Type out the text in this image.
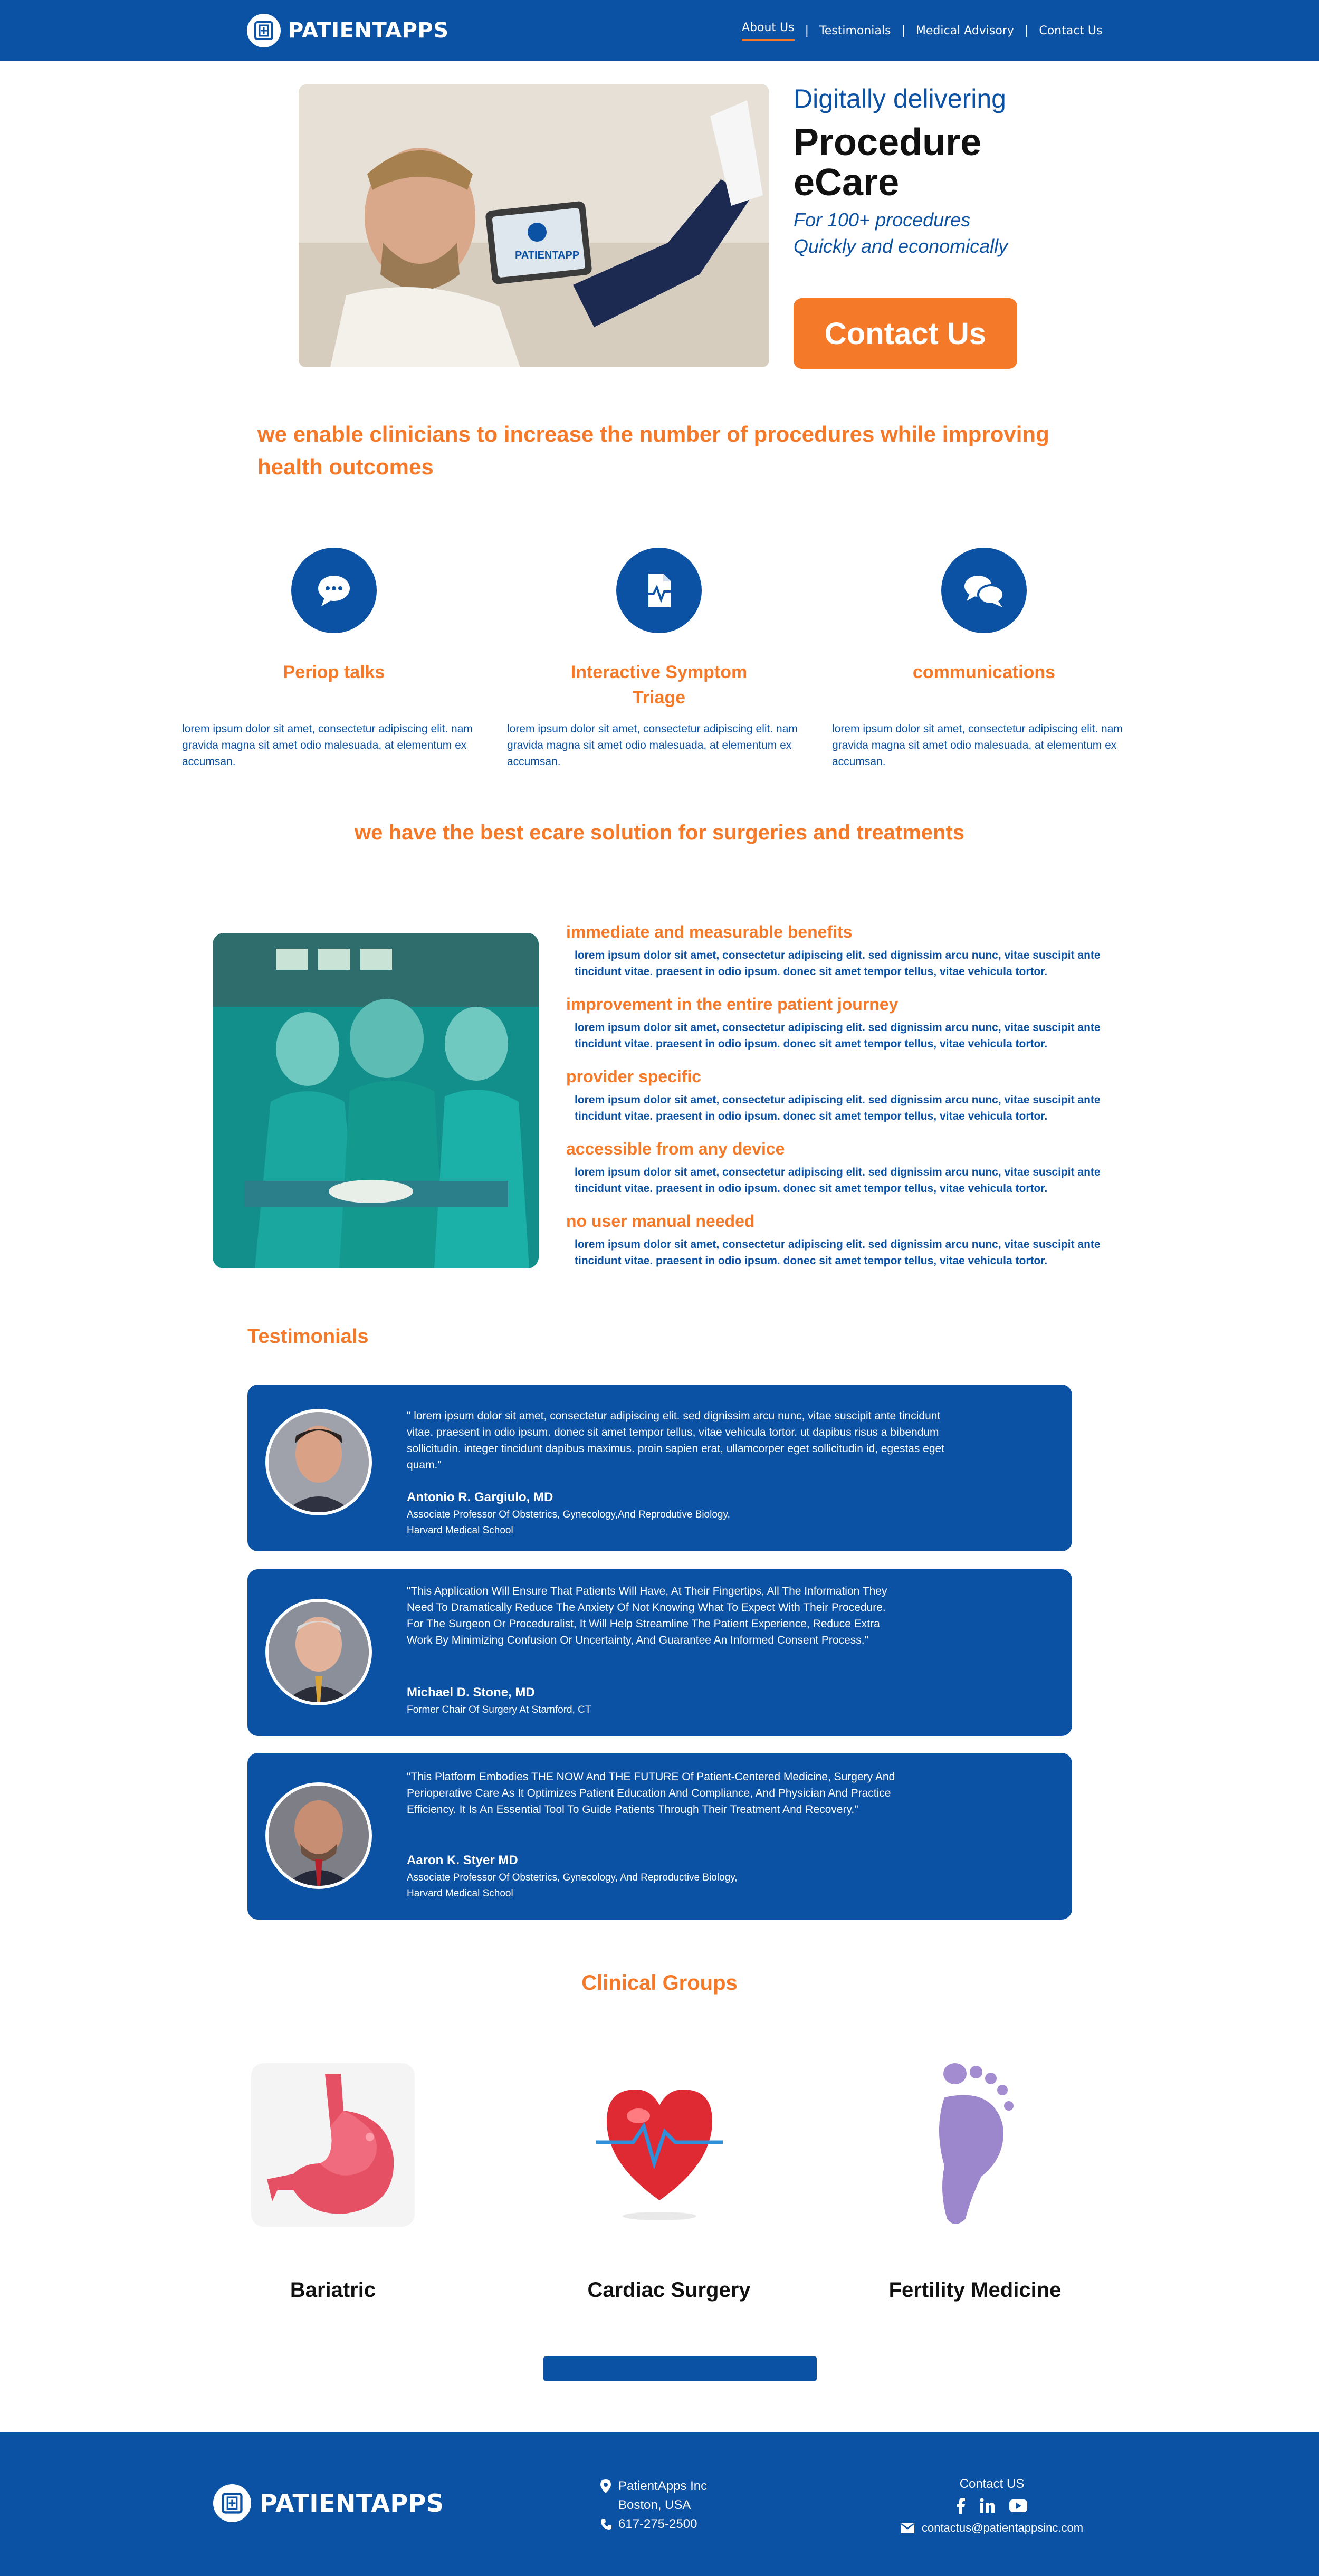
PATIENTAPPS	About Us | Testimonials | Medical Advisory | Contact Us
PATIENTAPP
Digitally delivering
Procedure
eCare
For 100+ procedures
Quickly and economically
Contact Us
we enable clinicians to increase the number of procedures while improving health outcomes
Periop talks	Interactive Symptom Triage
communications
lorem ipsum dolor sit amet, consectetur adipiscing elit. nam gravida magna sit amet odio malesuada, at elementum ex accumsan.
lorem ipsum dolor sit amet, consectetur adipiscing elit. nam gravida magna sit amet odio malesuada, at elementum ex accumsan.
lorem ipsum dolor sit amet, consectetur adipiscing elit. nam gravida magna sit amet odio malesuada, at elementum ex accumsan.
we have the best ecare solution for surgeries and treatments
immediate and measurable benefits
lorem ipsum dolor sit amet, consectetur adipiscing elit. sed dignissim arcu nunc, vitae suscipit ante tincidunt vitae. praesent in odio ipsum. donec sit amet tempor tellus, vitae vehicula tortor.
improvement in the entire patient journey
lorem ipsum dolor sit amet, consectetur adipiscing elit. sed dignissim arcu nunc, vitae suscipit ante tincidunt vitae. praesent in odio ipsum. donec sit amet tempor tellus, vitae vehicula tortor.
provider specific
lorem ipsum dolor sit amet, consectetur adipiscing elit. sed dignissim arcu nunc, vitae suscipit ante tincidunt vitae. praesent in odio ipsum. donec sit amet tempor tellus, vitae vehicula tortor.
accessible from any device
lorem ipsum dolor sit amet, consectetur adipiscing elit. sed dignissim arcu nunc, vitae suscipit ante tincidunt vitae. praesent in odio ipsum. donec sit amet tempor tellus, vitae vehicula tortor.
no user manual needed
lorem ipsum dolor sit amet, consectetur adipiscing elit. sed dignissim arcu nunc, vitae suscipit ante tincidunt vitae. praesent in odio ipsum. donec sit amet tempor tellus, vitae vehicula tortor.
Testimonials
" lorem ipsum dolor sit amet, consectetur adipiscing elit. sed dignissim arcu nunc, vitae suscipit ante tincidunt vitae. praesent in odio ipsum. donec sit amet tempor tellus, vitae vehicula tortor. ut dapibus risus a bibendum sollicitudin. integer tincidunt dapibus maximus. proin sapien erat, ullamcorper eget sollicitudin id, egestas eget quam."
Antonio R. Gargiulo, MD
Associate Professor Of Obstetrics, Gynecology,And Reprodutive Biology,
Harvard Medical School
"This Application Will Ensure That Patients Will Have, At Their Fingertips, All The Information They Need To Dramatically Reduce The Anxiety Of Not Knowing What To Expect With Their Procedure. For The Surgeon Or Proceduralist, It Will Help Streamline The Patient Experience, Reduce Extra Work By Minimizing Confusion Or Uncertainty, And Guarantee An Informed Consent Process."
Michael D. Stone, MD
Former Chair Of Surgery At Stamford, CT
"This Platform Embodies THE NOW And THE FUTURE Of Patient-Centered Medicine, Surgery And Perioperative Care As It Optimizes Patient Education And Compliance, And Physician And Practice Efficiency. It Is An Essential Tool To Guide Patients Through Their Treatment And Recovery."
Aaron K. Styer MD
Associate Professor Of Obstetrics, Gynecology, And Reproductive Biology,
Harvard Medical School
Clinical Groups
Bariatric	Cardiac Surgery	Fertility Medicine
PATIENTAPPS
PatientApps Inc
Boston, USA
617-275-2500
Contact US
contactus@patientappsinc.com
